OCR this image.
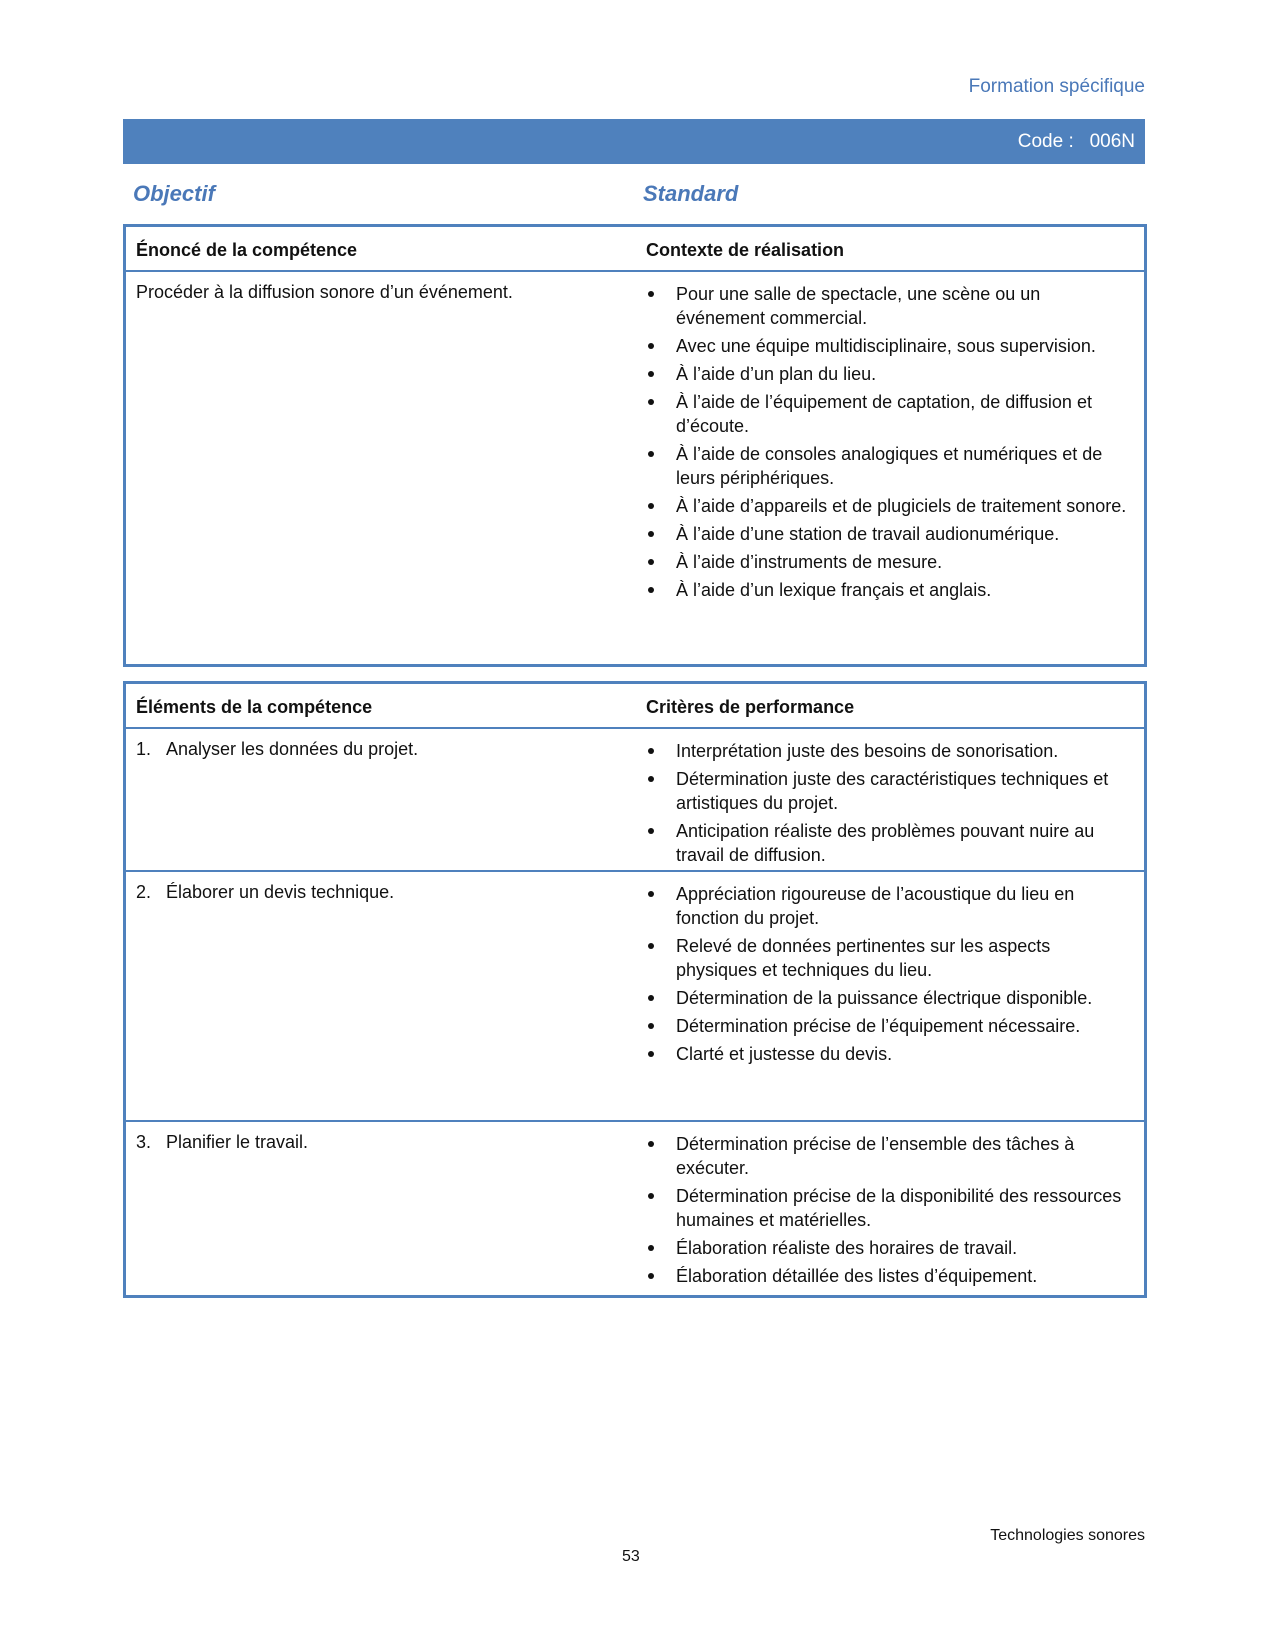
Formation spécifique
Code :   006N
Objectif	Standard
Énoncé de la compétence	Contexte de réalisation
Procéder à la diffusion sonore d’un événement.	Pour une salle de spectacle, une scène ou un événement commercial.
Avec une équipe multidisciplinaire, sous supervision.
À l’aide d’un plan du lieu.
À l’aide de l’équipement de captation, de diffusion et d’écoute.
À l’aide de consoles analogiques et numériques et de leurs périphériques.
À l’aide d’appareils et de plugiciels de traitement sonore.
À l’aide d’une station de travail audionumérique.
À l’aide d’instruments de mesure.
À l’aide d’un lexique français et anglais.
Éléments de la compétence	Critères de performance
1. Analyser les données du projet.	Interprétation juste des besoins de sonorisation.
Détermination juste des caractéristiques techniques et artistiques du projet.
Anticipation réaliste des problèmes pouvant nuire au travail de diffusion.
2. Élaborer un devis technique.	Appréciation rigoureuse de l’acoustique du lieu en fonction du projet.
Relevé de données pertinentes sur les aspects physiques et techniques du lieu.
Détermination de la puissance électrique disponible.
Détermination précise de l’équipement nécessaire.
Clarté et justesse du devis.
3. Planifier le travail.	Détermination précise de l’ensemble des tâches à exécuter.
Détermination précise de la disponibilité des ressources humaines et matérielles.
Élaboration réaliste des horaires de travail.
Élaboration détaillée des listes d’équipement.
Technologies sonores
53
